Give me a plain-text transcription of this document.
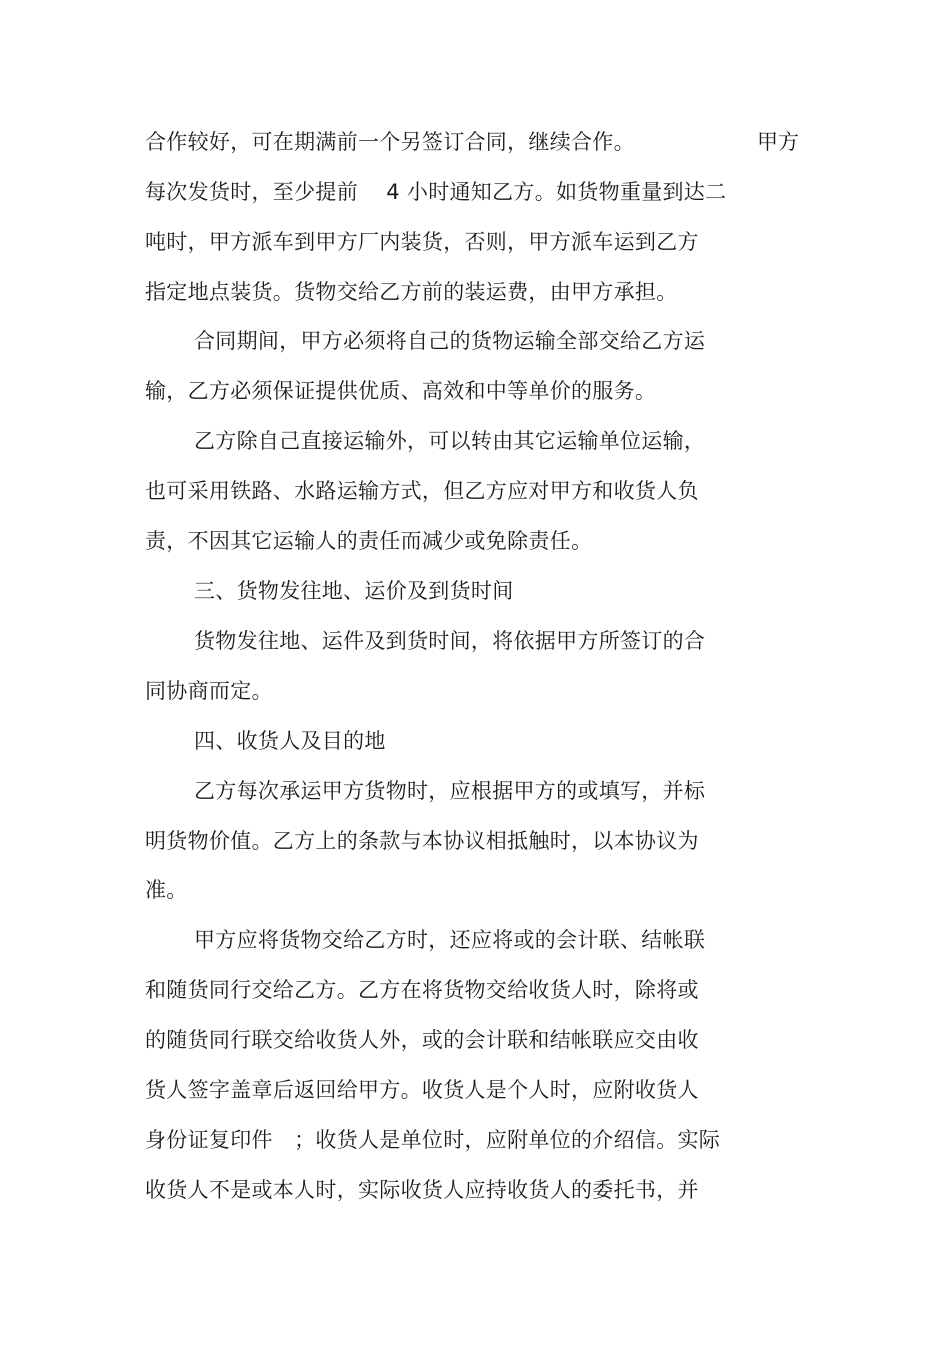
合作较好，可在期满前一个另签订合同，继续合作。	甲方
每次发货时，至少提前　 4 小时通知乙方。如货物重量到达二
吨时，甲方派车到甲方厂内装货，否则，甲方派车运到乙方
指定地点装货。货物交给乙方前的装运费，由甲方承担。
合同期间，甲方必须将自己的货物运输全部交给乙方运
输，乙方必须保证提供优质、高效和中等单价的服务。
乙方除自己直接运输外，可以转由其它运输单位运输，
也可采用铁路、水路运输方式，但乙方应对甲方和收货人负
责，不因其它运输人的责任而减少或免除责任。
三、货物发往地、运价及到货时间
货物发往地、运件及到货时间，将依据甲方所签订的合
同协商而定。
四、收货人及目的地
乙方每次承运甲方货物时，应根据甲方的或填写，并标
明货物价值。乙方上的条款与本协议相抵触时，以本协议为
准。
甲方应将货物交给乙方时，还应将或的会计联、结帐联
和随货同行交给乙方。乙方在将货物交给收货人时，除将或
的随货同行联交给收货人外，或的会计联和结帐联应交由收
货人签字盖章后返回给甲方。收货人是个人时，应附收货人
身份证复印件　；收货人是单位时，应附单位的介绍信。实际
收货人不是或本人时，实际收货人应持收货人的委托书，并
